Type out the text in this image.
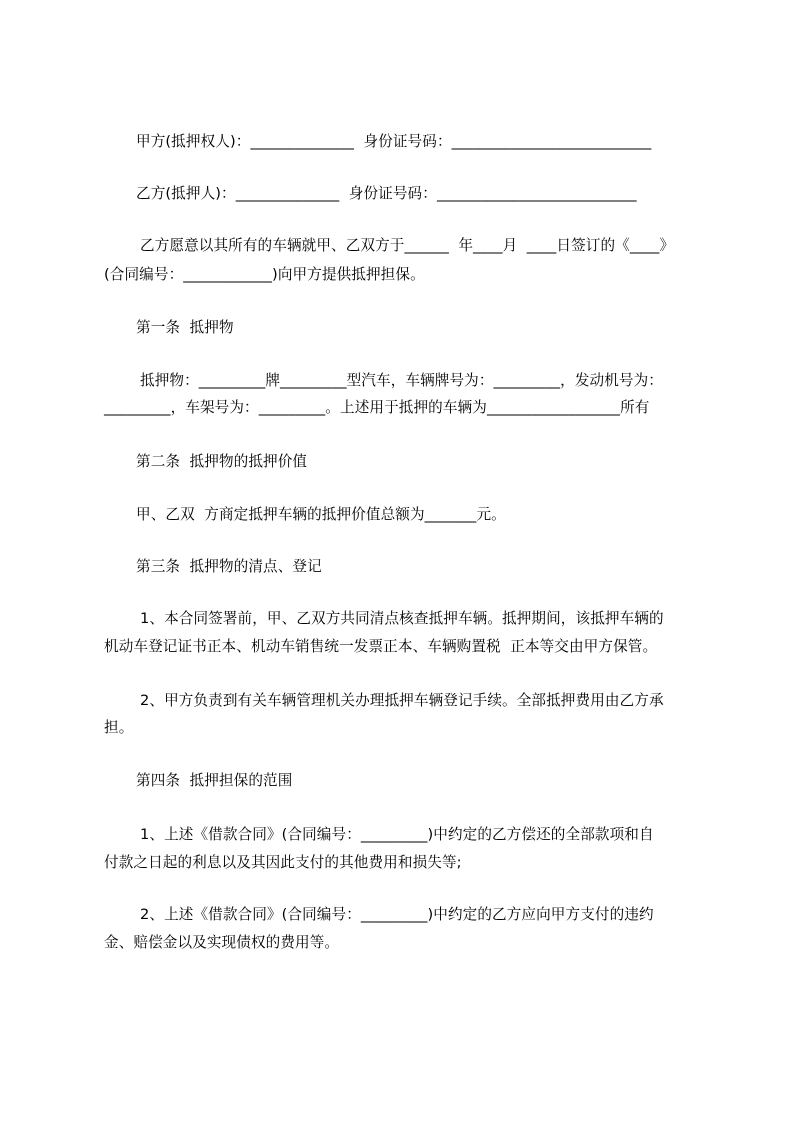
甲方(抵押权人)：______________  身份证号码：___________________________
乙方(抵押人)：______________  身份证号码：___________________________
乙方愿意以其所有的车辆就甲、乙双方于______  年____月  ____日签订的《____》
(合同编号：____________)向甲方提供抵押担保。
第一条  抵押物
抵押物：_________牌_________型汽车，车辆牌号为：_________，发动机号为：
_________，车架号为：_________。上述用于抵押的车辆为__________________所有
第二条  抵押物的抵押价值
甲、乙双  方商定抵押车辆的抵押价值总额为_______元。
第三条  抵押物的清点、登记
1、本合同签署前，甲、乙双方共同清点核查抵押车辆。抵押期间，该抵押车辆的
机动车登记证书正本、机动车销售统一发票正本、车辆购置税  正本等交由甲方保管。
2、甲方负责到有关车辆管理机关办理抵押车辆登记手续。全部抵押费用由乙方承
担。
第四条  抵押担保的范围
1、上述《借款合同》(合同编号：_________)中约定的乙方偿还的全部款项和自
付款之日起的利息以及其因此支付的其他费用和损失等;
2、上述《借款合同》(合同编号：_________)中约定的乙方应向甲方支付的违约
金、赔偿金以及实现债权的费用等。
